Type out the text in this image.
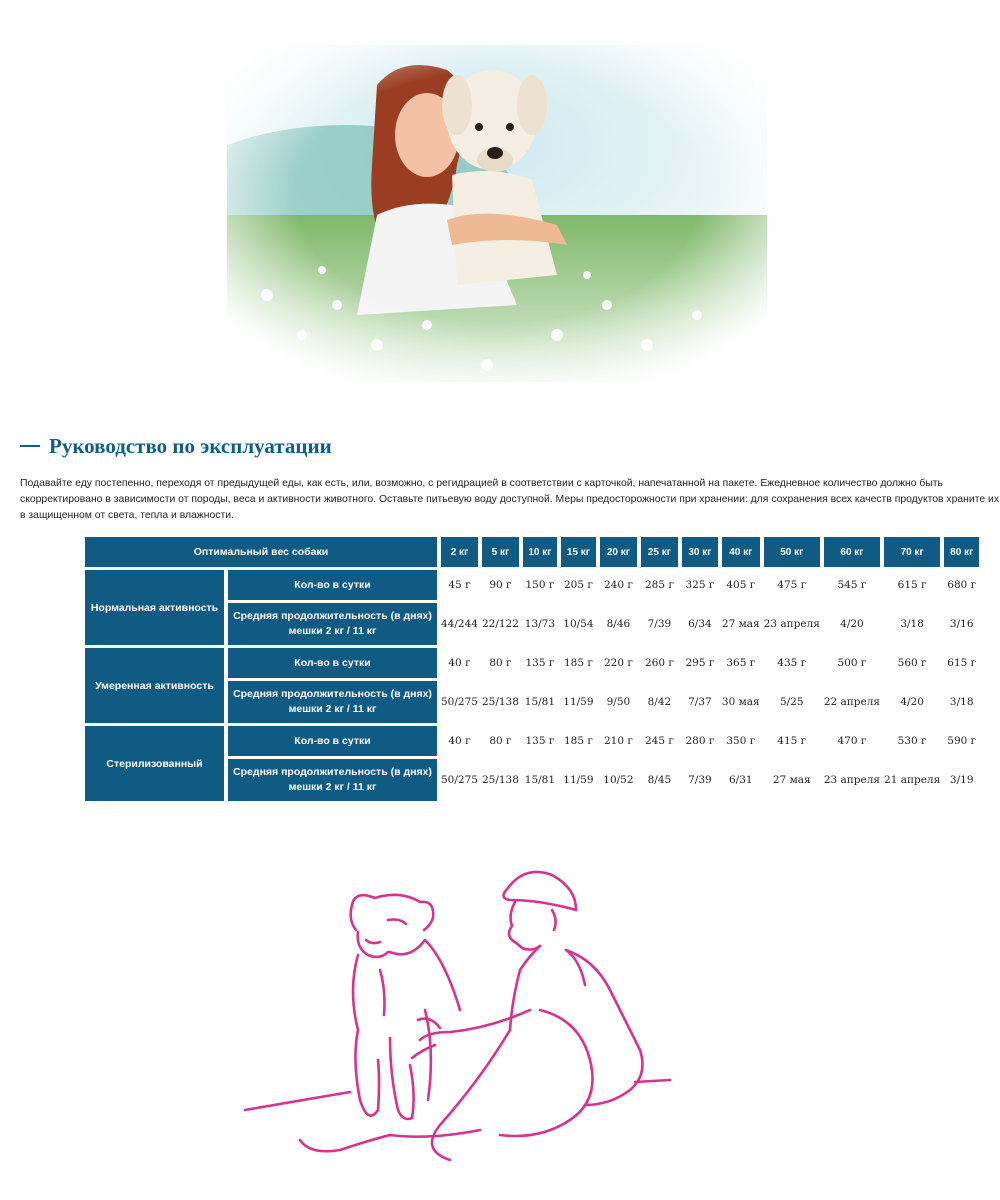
Руководство по эксплуатации

Подавайте еду постепенно, переходя от предыдущей еды, как есть, или, возможно, с регидрацией в соответствии с карточкой, напечатанной на пакете. Ежедневное количество должно быть
скорректировано в зависимости от породы, веса и активности животного. Оставьте питьевую воду доступной. Меры предосторожности при хранении: для сохранения всех качеств продуктов храните их
в защищенном от света, тепла и влажности.

Оптимальный вес собаки		2 кг	5 кг	10 кг	15 кг	20 кг	25 кг	30 кг	40 кг	50 кг	60 кг	70 кг	80 кг
Нормальная активность	Кол-во в сутки	45 г	90 г	150 г	205 г	240 г	285 г	325 г	405 г	475 г	545 г	615 г	680 г
	Средняя продолжительность (в днях) мешки 2 кг / 11 кг	44/244	22/122	13/73	10/54	8/46	7/39	6/34	27 мая	23 апреля	4/20	3/18	3/16
Умеренная активность	Кол-во в сутки	40 г	80 г	135 г	185 г	220 г	260 г	295 г	365 г	435 г	500 г	560 г	615 г
	Средняя продолжительность (в днях) мешки 2 кг / 11 кг	50/275	25/138	15/81	11/59	9/50	8/42	7/37	30 мая	5/25	22 апреля	4/20	3/18
Стерилизованный	Кол-во в сутки	40 г	80 г	135 г	185 г	210 г	245 г	280 г	350 г	415 г	470 г	530 г	590 г
	Средняя продолжительность (в днях) мешки 2 кг / 11 кг	50/275	25/138	15/81	11/59	10/52	8/45	7/39	6/31	27 мая	23 апреля	21 апреля	3/19
